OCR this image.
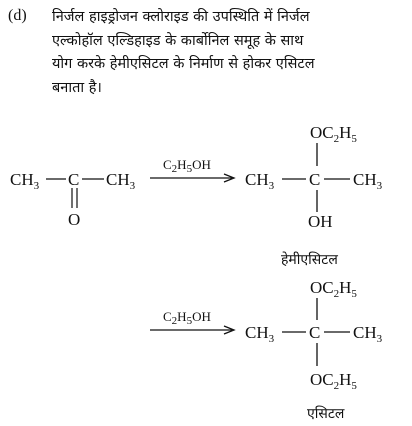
(d) निर्जल हाइड्रोजन क्लोराइड की उपस्थिति में निर्जल
एल्कोहॉल एल्डिहाइड के कार्बोनिल समूह के साथ
योग करके हेमीएसिटल के निर्माण से होकर एसिटल
बनाता है।
$CH_3$ C $CH_3$
O
$C_2H_5OH$
$OC_2H_5$
$CH_3$ C $CH_3$
OH
हेमीएसिटल
$C_2H_5OH$
$OC_2H_5$
$CH_3$ C $CH_3$
$OC_2H_5$
एसिटल
